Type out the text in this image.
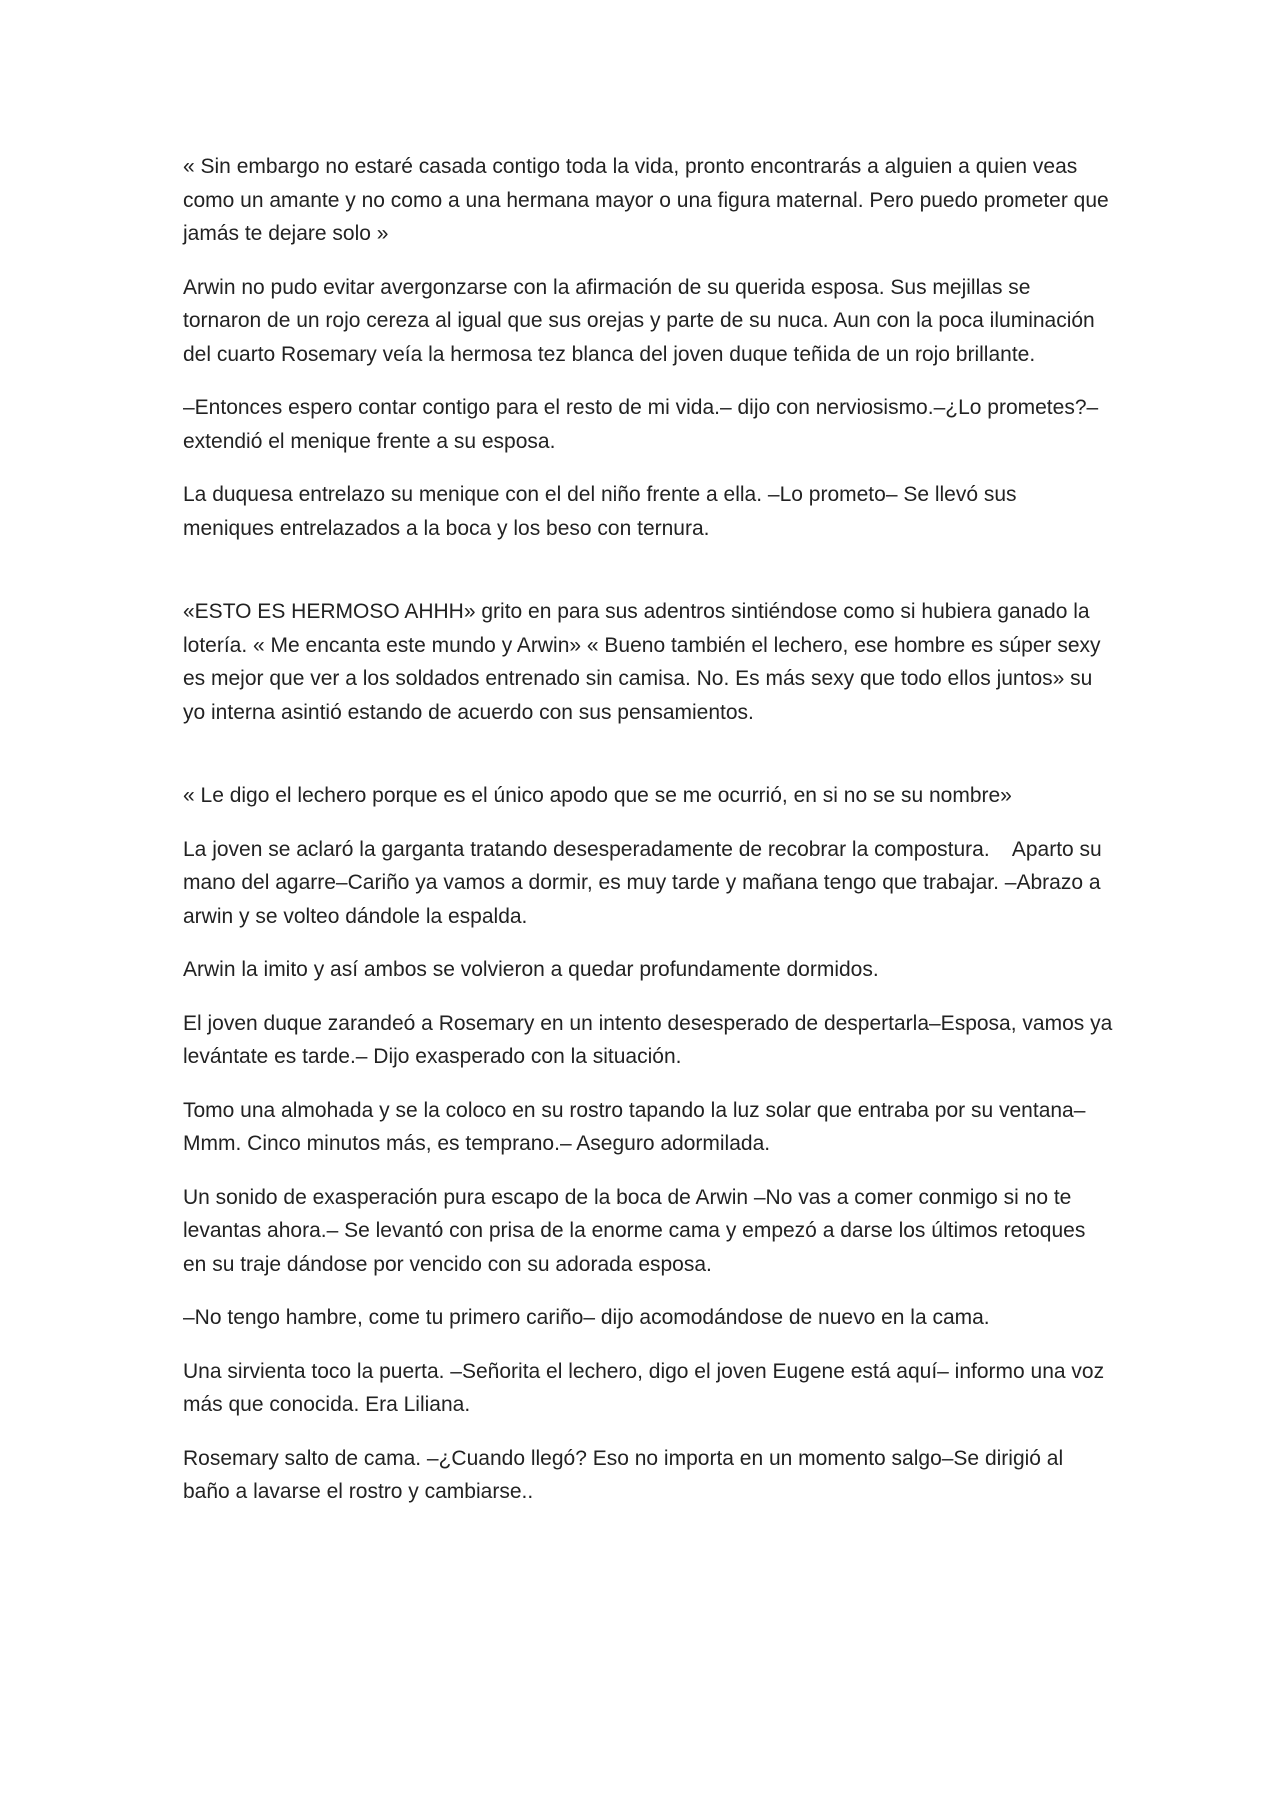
« Sin embargo no estaré casada contigo toda la vida, pronto encontrarás a alguien a quien veas como un amante y no como a una hermana mayor o una figura maternal. Pero puedo prometer que jamás te dejare solo »

Arwin no pudo evitar avergonzarse con la afirmación de su querida esposa. Sus mejillas se tornaron de un rojo cereza al igual que sus orejas y parte de su nuca. Aun con la poca iluminación del cuarto Rosemary veía la hermosa tez blanca del joven duque teñida de un rojo brillante.

–Entonces espero contar contigo para el resto de mi vida.– dijo con nerviosismo.–¿Lo prometes?– extendió el menique frente a su esposa.

La duquesa entrelazo su menique con el del niño frente a ella. –Lo prometo– Se llevó sus meniques entrelazados a la boca y los beso con ternura.

«ESTO ES HERMOSO AHHH» grito en para sus adentros sintiéndose como si hubiera ganado la lotería. « Me encanta este mundo y Arwin» « Bueno también el lechero, ese hombre es súper sexy es mejor que ver a los soldados entrenado sin camisa. No. Es más sexy que todo ellos juntos» su yo interna asintió estando de acuerdo con sus pensamientos.

« Le digo el lechero porque es el único apodo que se me ocurrió, en si no se su nombre»

La joven se aclaró la garganta tratando desesperadamente de recobrar la compostura.    Aparto su mano del agarre–Cariño ya vamos a dormir, es muy tarde y mañana tengo que trabajar. –Abrazo a arwin y se volteo dándole la espalda.

Arwin la imito y así ambos se volvieron a quedar profundamente dormidos.

El joven duque zarandeó a Rosemary en un intento desesperado de despertarla–Esposa, vamos ya levántate es tarde.– Dijo exasperado con la situación.

Tomo una almohada y se la coloco en su rostro tapando la luz solar que entraba por su ventana–Mmm. Cinco minutos más, es temprano.– Aseguro adormilada.

Un sonido de exasperación pura escapo de la boca de Arwin –No vas a comer conmigo si no te levantas ahora.– Se levantó con prisa de la enorme cama y empezó a darse los últimos retoques en su traje dándose por vencido con su adorada esposa.

–No tengo hambre, come tu primero cariño– dijo acomodándose de nuevo en la cama.

Una sirvienta toco la puerta. –Señorita el lechero, digo el joven Eugene está aquí– informo una voz más que conocida. Era Liliana.

Rosemary salto de cama. –¿Cuando llegó? Eso no importa en un momento salgo–Se dirigió al baño a lavarse el rostro y cambiarse..
